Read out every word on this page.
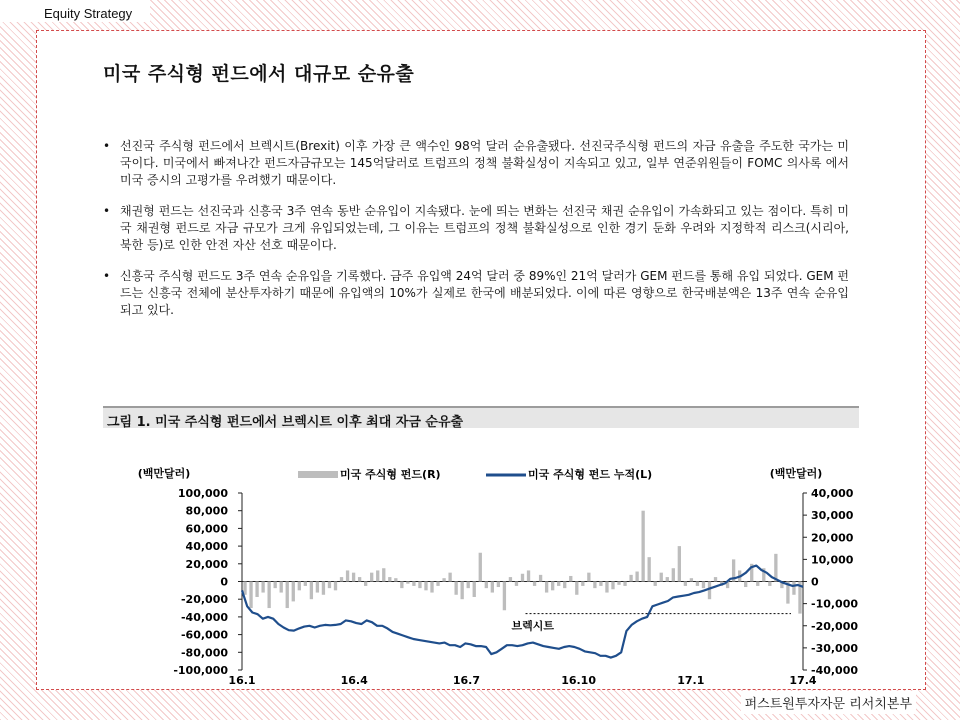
Equity Strategy
미국 주식형 펀드에서 대규모 순유출
• 선진국 주식형 펀드에서 브렉시트(Brexit) 이후 가장 큰 액수인 98억 달러 순유출됐다. 선진국주식형 펀드의 자금 유출을 주도한 국가는 미국이다. 미국에서 빠져나간 펀드자금규모는 145억달러로 트럼프의 정책 불확실성이 지속되고 있고, 일부 연준위원들이 FOMC 의사록 에서 미국 증시의 고평가를 우려했기 때문이다.
• 채권형 펀드는 선진국과 신흥국 3주 연속 동반 순유입이 지속됐다. 눈에 띄는 변화는 선진국 채권 순유입이 가속화되고 있는 점이다. 특히 미국 채권형 펀드로 자금 규모가 크게 유입되었는데, 그 이유는 트럼프의 정책 불확실성으로 인한 경기 둔화 우려와 지정학적 리스크(시리아, 북한 등)로 인한 안전 자산 선호 때문이다.
• 신흥국 주식형 펀드도 3주 연속 순유입을 기록했다. 금주 유입액 24억 달러 중 89%인 21억 달러가 GEM 펀드를 통해 유입 되었다. GEM 펀드는 신흥국 전체에 분산투자하기 때문에 유입액의 10%가 실제로 한국에 배분되었다. 이에 따른 영향으로 한국배분액은 13주 연속 순유입되고 있다.
그림 1. 미국 주식형 펀드에서 브렉시트 이후 최대 자금 순유출
(백만달러)	(백만달러)
미국 주식형 펀드(R)	미국 주식형 펀드 누적(L)
100,000
80,000
60,000
40,000
20,000
0
-20,000
-40,000
-60,000
-80,000
-100,000
40,000
30,000
20,000
10,000
0
-10,000
-20,000
-30,000
-40,000
브렉시트
16.1	16.4	16.7	16.10	17.1	17.4
퍼스트원투자자문 리서치본부
